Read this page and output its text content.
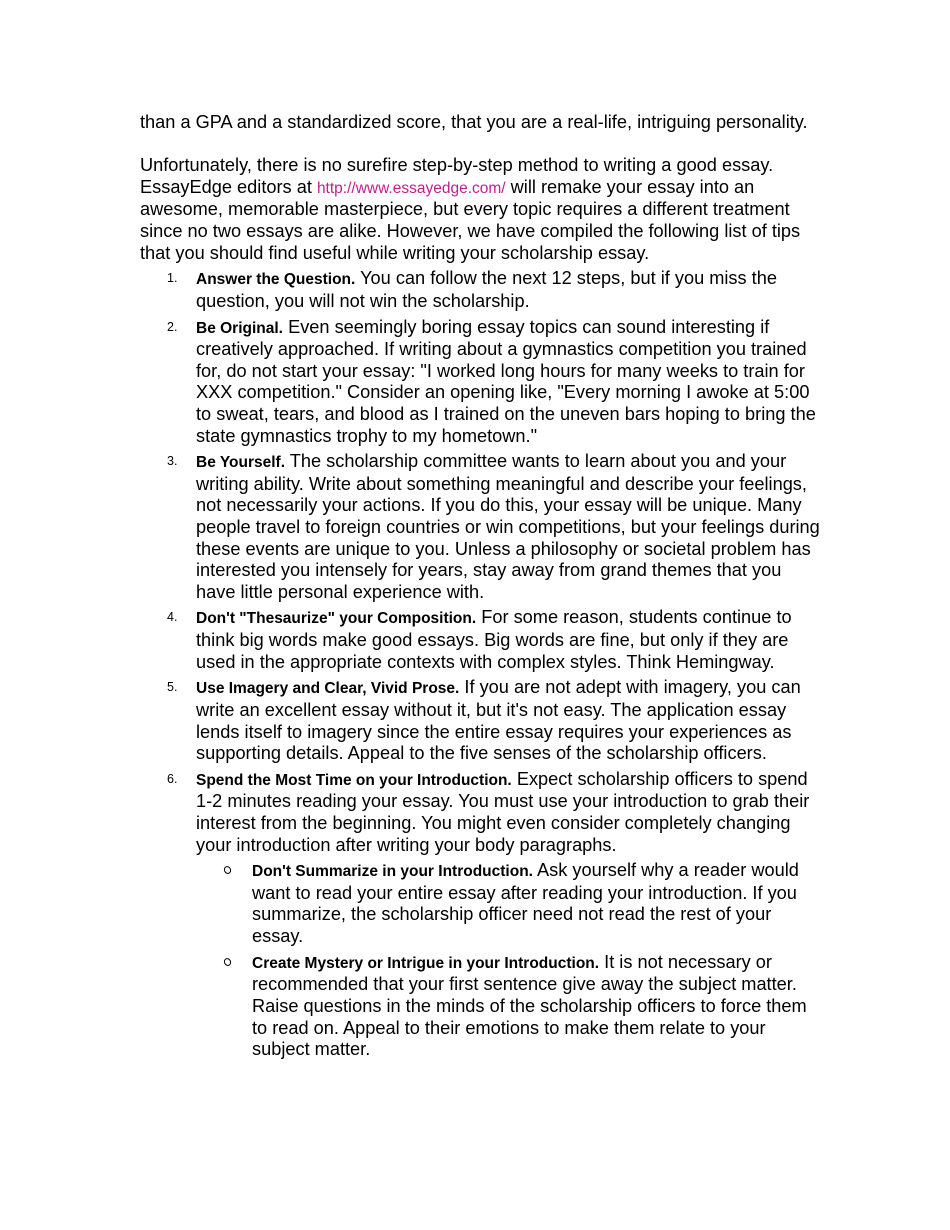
than a GPA and a standardized score, that you are a real-life, intriguing personality.

Unfortunately, there is no surefire step-by-step method to writing a good essay. EssayEdge editors at http://www.essayedge.com/ will remake your essay into an awesome, memorable masterpiece, but every topic requires a different treatment since no two essays are alike. However, we have compiled the following list of tips that you should find useful while writing your scholarship essay.

1. Answer the Question. You can follow the next 12 steps, but if you miss the question, you will not win the scholarship.
2. Be Original. Even seemingly boring essay topics can sound interesting if creatively approached. If writing about a gymnastics competition you trained for, do not start your essay: "I worked long hours for many weeks to train for XXX competition." Consider an opening like, "Every morning I awoke at 5:00 to sweat, tears, and blood as I trained on the uneven bars hoping to bring the state gymnastics trophy to my hometown."
3. Be Yourself. The scholarship committee wants to learn about you and your writing ability. Write about something meaningful and describe your feelings, not necessarily your actions. If you do this, your essay will be unique. Many people travel to foreign countries or win competitions, but your feelings during these events are unique to you. Unless a philosophy or societal problem has interested you intensely for years, stay away from grand themes that you have little personal experience with.
4. Don't "Thesaurize" your Composition. For some reason, students continue to think big words make good essays. Big words are fine, but only if they are used in the appropriate contexts with complex styles. Think Hemingway.
5. Use Imagery and Clear, Vivid Prose. If you are not adept with imagery, you can write an excellent essay without it, but it's not easy. The application essay lends itself to imagery since the entire essay requires your experiences as supporting details. Appeal to the five senses of the scholarship officers.
6. Spend the Most Time on your Introduction. Expect scholarship officers to spend 1-2 minutes reading your essay. You must use your introduction to grab their interest from the beginning. You might even consider completely changing your introduction after writing your body paragraphs.
Don't Summarize in your Introduction. Ask yourself why a reader would want to read your entire essay after reading your introduction. If you summarize, the scholarship officer need not read the rest of your essay.
Create Mystery or Intrigue in your Introduction. It is not necessary or recommended that your first sentence give away the subject matter. Raise questions in the minds of the scholarship officers to force them to read on. Appeal to their emotions to make them relate to your subject matter.
